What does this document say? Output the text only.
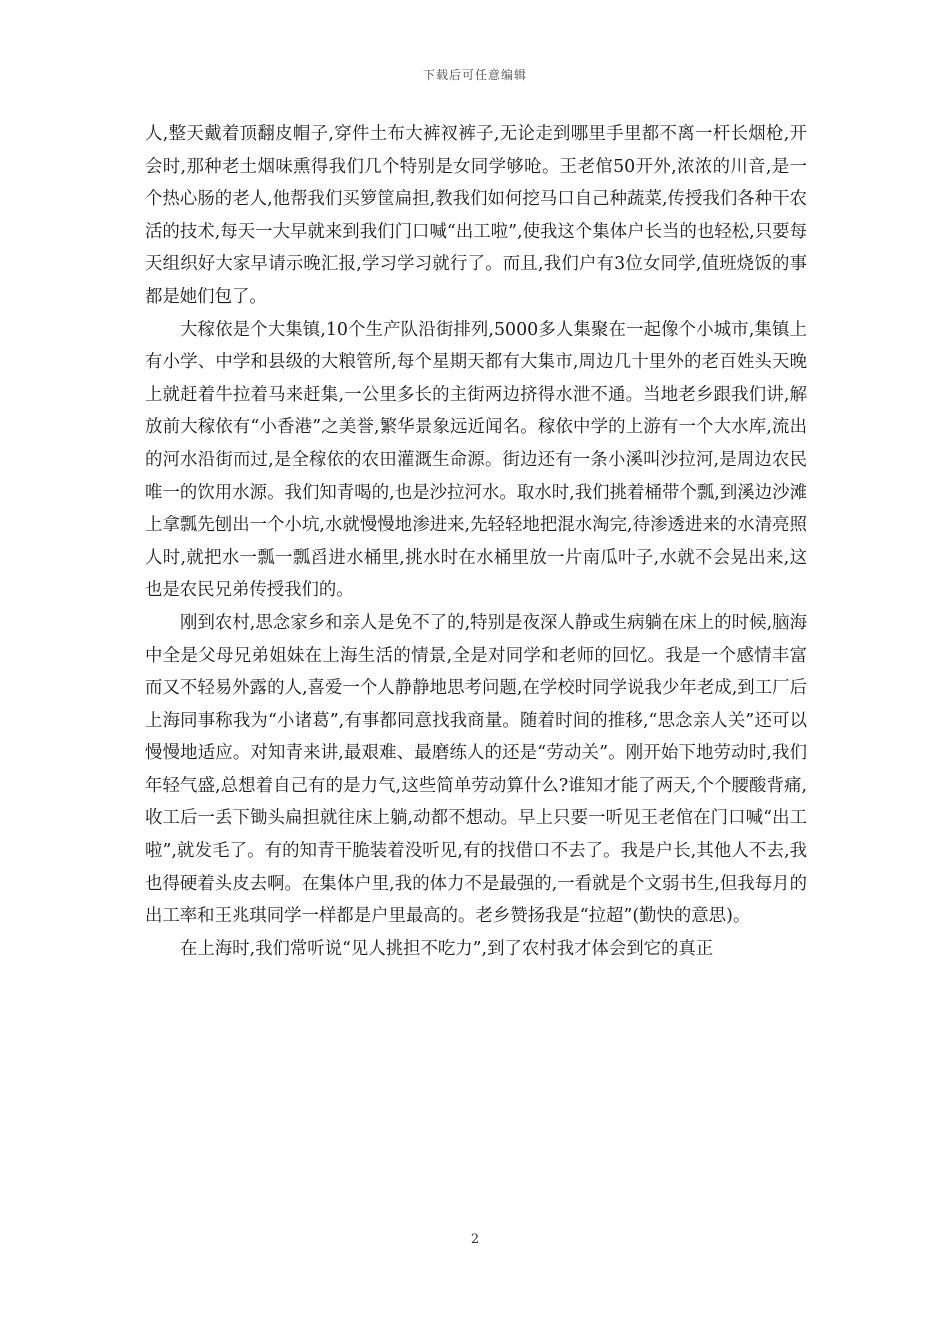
下载后可任意编辑

人,整天戴着顶翻皮帽子,穿件土布大裤衩裤子,无论走到哪里手里都不离一杆长烟枪,开会时,那种老土烟味熏得我们几个特别是女同学够呛。王老倌50开外,浓浓的川音,是一个热心肠的老人,他帮我们买箩筐扁担,教我们如何挖马口自己种蔬菜,传授我们各种干农活的技术,每天一大早就来到我们门口喊“出工啦”,使我这个集体户长当的也轻松,只要每天组织好大家早请示晚汇报,学习学习就行了。而且,我们户有3位女同学,值班烧饭的事都是她们包了。

大稼依是个大集镇,10个生产队沿街排列,5000多人集聚在一起像个小城市,集镇上有小学、中学和县级的大粮管所,每个星期天都有大集市,周边几十里外的老百姓头天晚上就赶着牛拉着马来赶集,一公里多长的主街两边挤得水泄不通。当地老乡跟我们讲,解放前大稼依有“小香港”之美誉,繁华景象远近闻名。稼依中学的上游有一个大水库,流出的河水沿街而过,是全稼依的农田灌溉生命源。街边还有一条小溪叫沙拉河,是周边农民唯一的饮用水源。我们知青喝的,也是沙拉河水。取水时,我们挑着桶带个瓢,到溪边沙滩上拿瓢先刨出一个小坑,水就慢慢地渗进来,先轻轻地把混水淘完,待渗透进来的水清亮照人时,就把水一瓢一瓢舀进水桶里,挑水时在水桶里放一片南瓜叶子,水就不会晃出来,这也是农民兄弟传授我们的。

刚到农村,思念家乡和亲人是免不了的,特别是夜深人静或生病躺在床上的时候,脑海中全是父母兄弟姐妹在上海生活的情景,全是对同学和老师的回忆。我是一个感情丰富而又不轻易外露的人,喜爱一个人静静地思考问题,在学校时同学说我少年老成,到工厂后上海同事称我为“小诸葛”,有事都同意找我商量。随着时间的推移,“思念亲人关”还可以慢慢地适应。对知青来讲,最艰难、最磨练人的还是“劳动关”。刚开始下地劳动时,我们年轻气盛,总想着自己有的是力气,这些简单劳动算什么?谁知才能了两天,个个腰酸背痛,收工后一丢下锄头扁担就往床上躺,动都不想动。早上只要一听见王老倌在门口喊“出工啦”,就发毛了。有的知青干脆装着没听见,有的找借口不去了。我是户长,其他人不去,我也得硬着头皮去啊。在集体户里,我的体力不是最强的,一看就是个文弱书生,但我每月的出工率和王兆琪同学一样都是户里最高的。老乡赞扬我是“拉超”(勤快的意思)。

在上海时,我们常听说“见人挑担不吃力”,到了农村我才体会到它的真正

2
